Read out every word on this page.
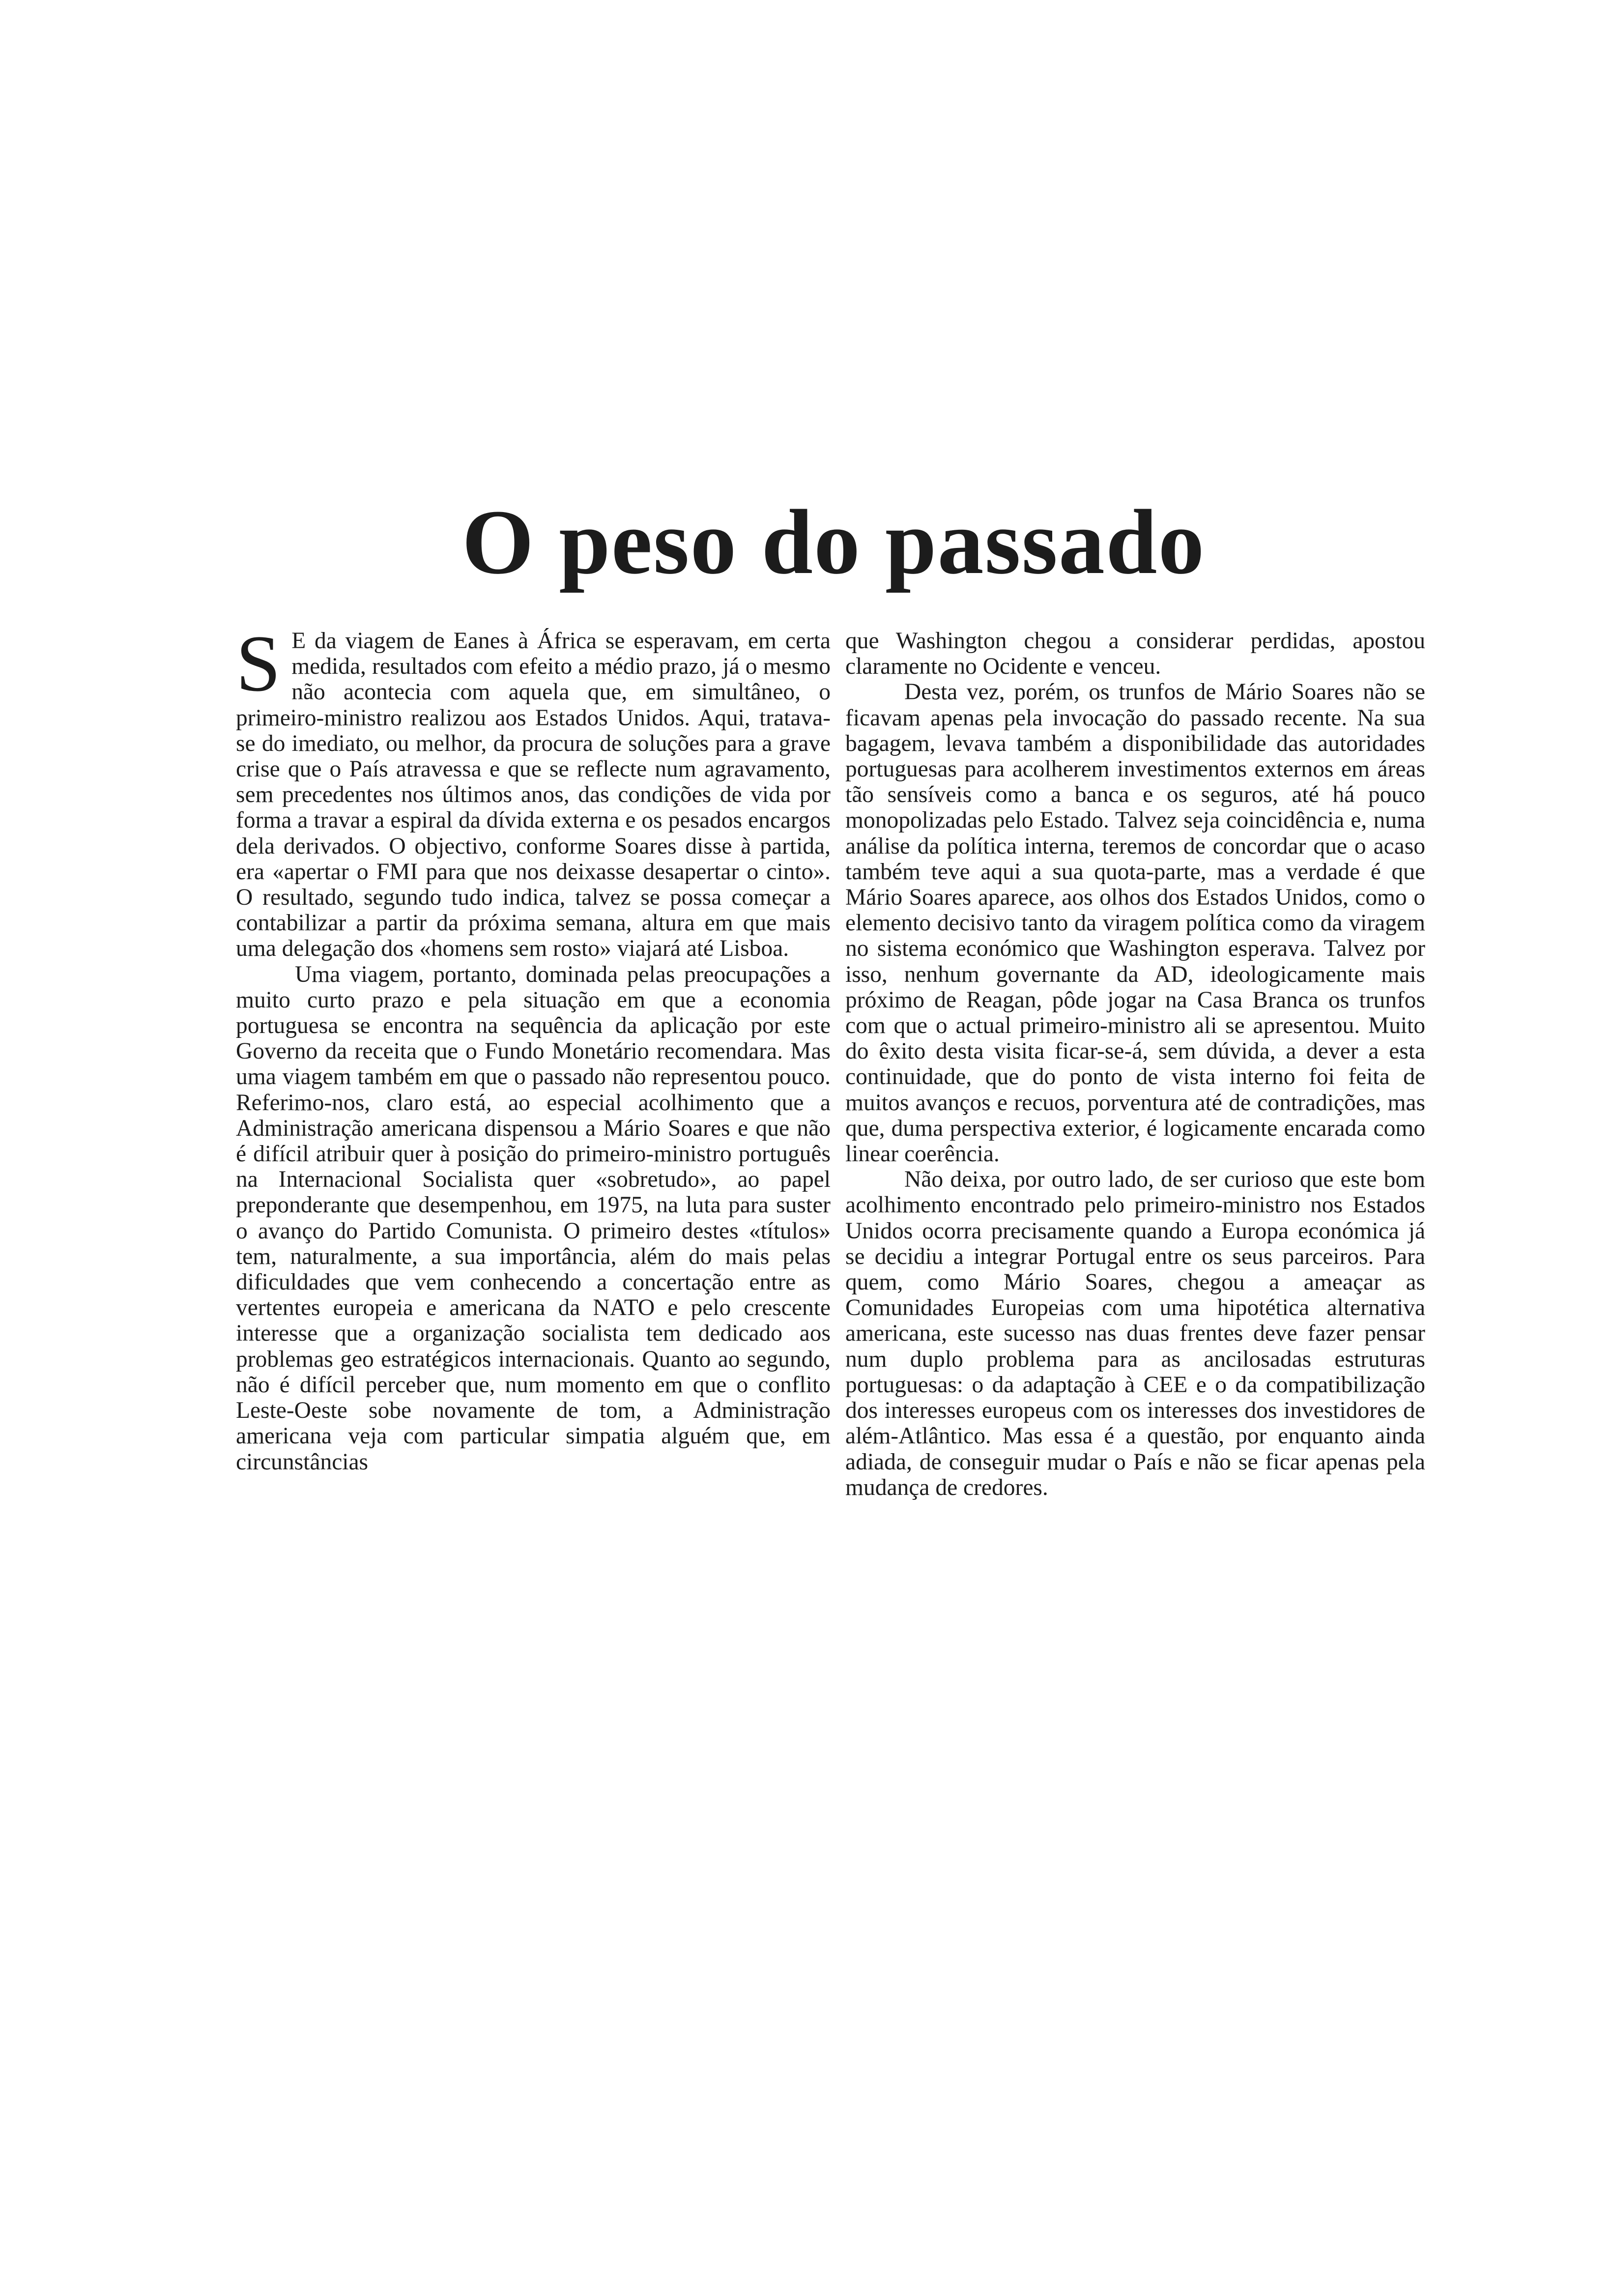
O peso do passado

S E da viagem de Eanes à África se esperavam, em certa medida, resultados com efeito a médio prazo, já o mesmo não acontecia com aquela que, em simultâneo, o primeiro-ministro realizou aos Estados Unidos. Aqui, tratava-se do imediato, ou melhor, da procura de soluções para a grave crise que o País atravessa e que se reflecte num agravamento, sem precedentes nos últimos anos, das condições de vida por forma a travar a espiral da dívida externa e os pesados encargos dela derivados. O objectivo, conforme Soares disse à partida, era «apertar o FMI para que nos deixasse desapertar o cinto». O resultado, segundo tudo indica, talvez se possa começar a contabilizar a partir da próxima semana, altura em que mais uma delegação dos «homens sem rosto» viajará até Lisboa.

Uma viagem, portanto, dominada pelas preocupações a muito curto prazo e pela situação em que a economia portuguesa se encontra na sequência da aplicação por este Governo da receita que o Fundo Monetário recomendara. Mas uma viagem também em que o passado não representou pouco. Referimo-nos, claro está, ao especial acolhimento que a Administração americana dispensou a Mário Soares e que não é difícil atribuir quer à posição do primeiro-ministro português na Internacional Socialista quer «sobretudo», ao papel preponderante que desempenhou, em 1975, na luta para suster o avanço do Partido Comunista. O primeiro destes «títulos» tem, naturalmente, a sua importância, além do mais pelas dificuldades que vem conhecendo a concertação entre as vertentes europeia e americana da NATO e pelo crescente interesse que a organização socialista tem dedicado aos problemas geo estratégicos internacionais. Quanto ao segundo, não é difícil perceber que, num momento em que o conflito Leste-Oeste sobe novamente de tom, a Administração americana veja com particular simpatia alguém que, em circunstâncias

que Washington chegou a considerar perdidas, apostou claramente no Ocidente e venceu.

Desta vez, porém, os trunfos de Mário Soares não se ficavam apenas pela invocação do passado recente. Na sua bagagem, levava também a disponibilidade das autoridades portuguesas para acolherem investimentos externos em áreas tão sensíveis como a banca e os seguros, até há pouco monopolizadas pelo Estado. Talvez seja coincidência e, numa análise da política interna, teremos de concordar que o acaso também teve aqui a sua quota-parte, mas a verdade é que Mário Soares aparece, aos olhos dos Estados Unidos, como o elemento decisivo tanto da viragem política como da viragem no sistema económico que Washington esperava. Talvez por isso, nenhum governante da AD, ideologicamente mais próximo de Reagan, pôde jogar na Casa Branca os trunfos com que o actual primeiro-ministro ali se apresentou. Muito do êxito desta visita ficar-se-á, sem dúvida, a dever a esta continuidade, que do ponto de vista interno foi feita de muitos avanços e recuos, porventura até de contradições, mas que, duma perspectiva exterior, é logicamente encarada como linear coerência.

Não deixa, por outro lado, de ser curioso que este bom acolhimento encontrado pelo primeiro-ministro nos Estados Unidos ocorra precisamente quando a Europa económica já se decidiu a integrar Portugal entre os seus parceiros. Para quem, como Mário Soares, chegou a ameaçar as Comunidades Europeias com uma hipotética alternativa americana, este sucesso nas duas frentes deve fazer pensar num duplo problema para as ancilosadas estruturas portuguesas: o da adaptação à CEE e o da compatibilização dos interesses europeus com os interesses dos investidores de além-Atlântico. Mas essa é a questão, por enquanto ainda adiada, de conseguir mudar o País e não se ficar apenas pela mudança de credores.
